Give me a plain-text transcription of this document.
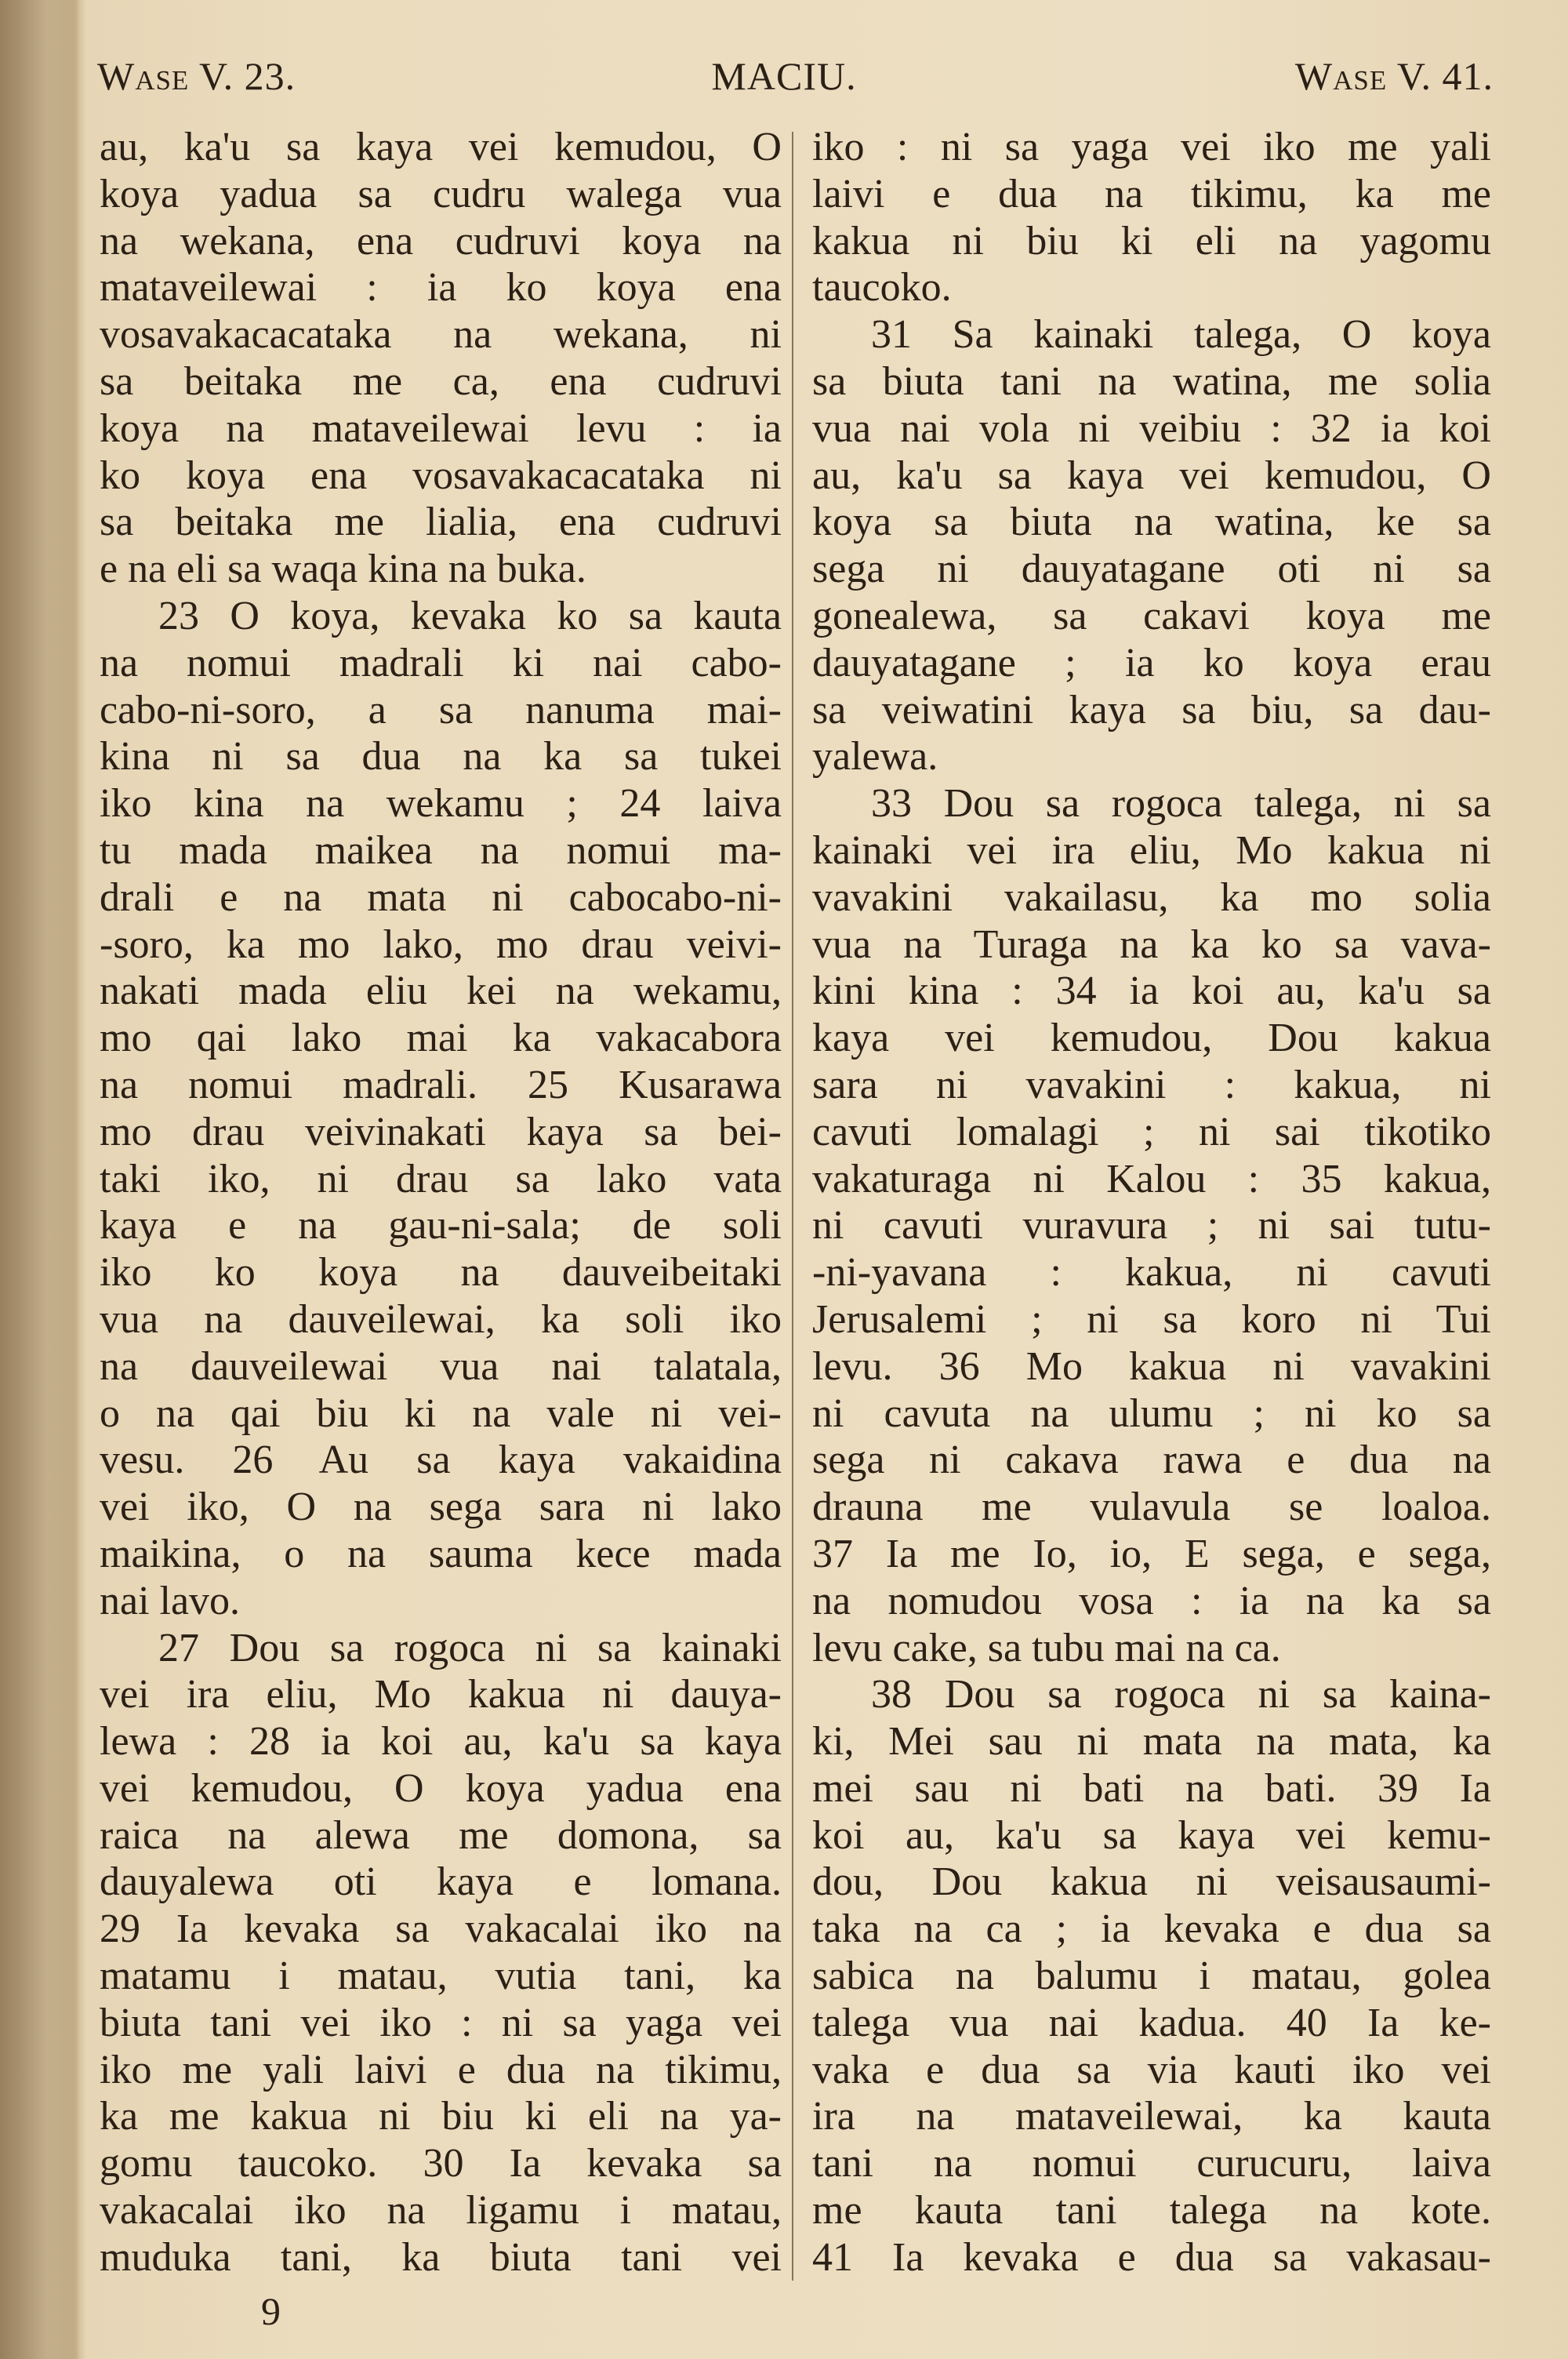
Wase V. 23.	MACIU.	Wase V. 41.
au, ka'u sa kaya vei kemudou, O
koya yadua sa cudru walega vua
na wekana, ena cudruvi koya na
mataveilewai : ia ko koya ena
vosavakacacataka na wekana, ni
sa beitaka me ca, ena cudruvi
koya na mataveilewai levu : ia
ko koya ena vosavakacacataka ni
sa beitaka me lialia, ena cudruvi
e na eli sa waqa kina na buka.
23 O koya, kevaka ko sa kauta
na nomui madrali ki nai cabo-
cabo-ni-soro, a sa nanuma mai-
kina ni sa dua na ka sa tukei
iko kina na wekamu ; 24 laiva
tu mada maikea na nomui ma-
drali e na mata ni cabocabo-ni-
-soro, ka mo lako, mo drau veivi-
nakati mada eliu kei na wekamu,
mo qai lako mai ka vakacabora
na nomui madrali. 25 Kusarawa
mo drau veivinakati kaya sa bei-
taki iko, ni drau sa lako vata
kaya e na gau-ni-sala; de soli
iko ko koya na dauveibeitaki
vua na dauveilewai, ka soli iko
na dauveilewai vua nai talatala,
o na qai biu ki na vale ni vei-
vesu. 26 Au sa kaya vakaidina
vei iko, O na sega sara ni lako
maikina, o na sauma kece mada
nai lavo.
27 Dou sa rogoca ni sa kainaki
vei ira eliu, Mo kakua ni dauya-
lewa : 28 ia koi au, ka'u sa kaya
vei kemudou, O koya yadua ena
raica na alewa me domona, sa
dauyalewa oti kaya e lomana.
29 Ia kevaka sa vakacalai iko na
matamu i matau, vutia tani, ka
biuta tani vei iko : ni sa yaga vei
iko me yali laivi e dua na tikimu,
ka me kakua ni biu ki eli na ya-
gomu taucoko. 30 Ia kevaka sa
vakacalai iko na ligamu i matau,
muduka tani, ka biuta tani vei
iko : ni sa yaga vei iko me yali
laivi e dua na tikimu, ka me
kakua ni biu ki eli na yagomu
taucoko.
31 Sa kainaki talega, O koya
sa biuta tani na watina, me solia
vua nai vola ni veibiu : 32 ia koi
au, ka'u sa kaya vei kemudou, O
koya sa biuta na watina, ke sa
sega ni dauyatagane oti ni sa
gonealewa, sa cakavi koya me
dauyatagane ; ia ko koya erau
sa veiwatini kaya sa biu, sa dau-
yalewa.
33 Dou sa rogoca talega, ni sa
kainaki vei ira eliu, Mo kakua ni
vavakini vakailasu, ka mo solia
vua na Turaga na ka ko sa vava-
kini kina : 34 ia koi au, ka'u sa
kaya vei kemudou, Dou kakua
sara ni vavakini : kakua, ni
cavuti lomalagi ; ni sai tikotiko
vakaturaga ni Kalou : 35 kakua,
ni cavuti vuravura ; ni sai tutu-
-ni-yavana : kakua, ni cavuti
Jerusalemi ; ni sa koro ni Tui
levu. 36 Mo kakua ni vavakini
ni cavuta na ulumu ; ni ko sa
sega ni cakava rawa e dua na
drauna me vulavula se loaloa.
37 Ia me Io, io, E sega, e sega,
na nomudou vosa : ia na ka sa
levu cake, sa tubu mai na ca.
38 Dou sa rogoca ni sa kaina-
ki, Mei sau ni mata na mata, ka
mei sau ni bati na bati. 39 Ia
koi au, ka'u sa kaya vei kemu-
dou, Dou kakua ni veisausaumi-
taka na ca ; ia kevaka e dua sa
sabica na balumu i matau, golea
talega vua nai kadua. 40 Ia ke-
vaka e dua sa via kauti iko vei
ira na mataveilewai, ka kauta
tani na nomui curucuru, laiva
me kauta tani talega na kote.
41 Ia kevaka e dua sa vakasau-
9
